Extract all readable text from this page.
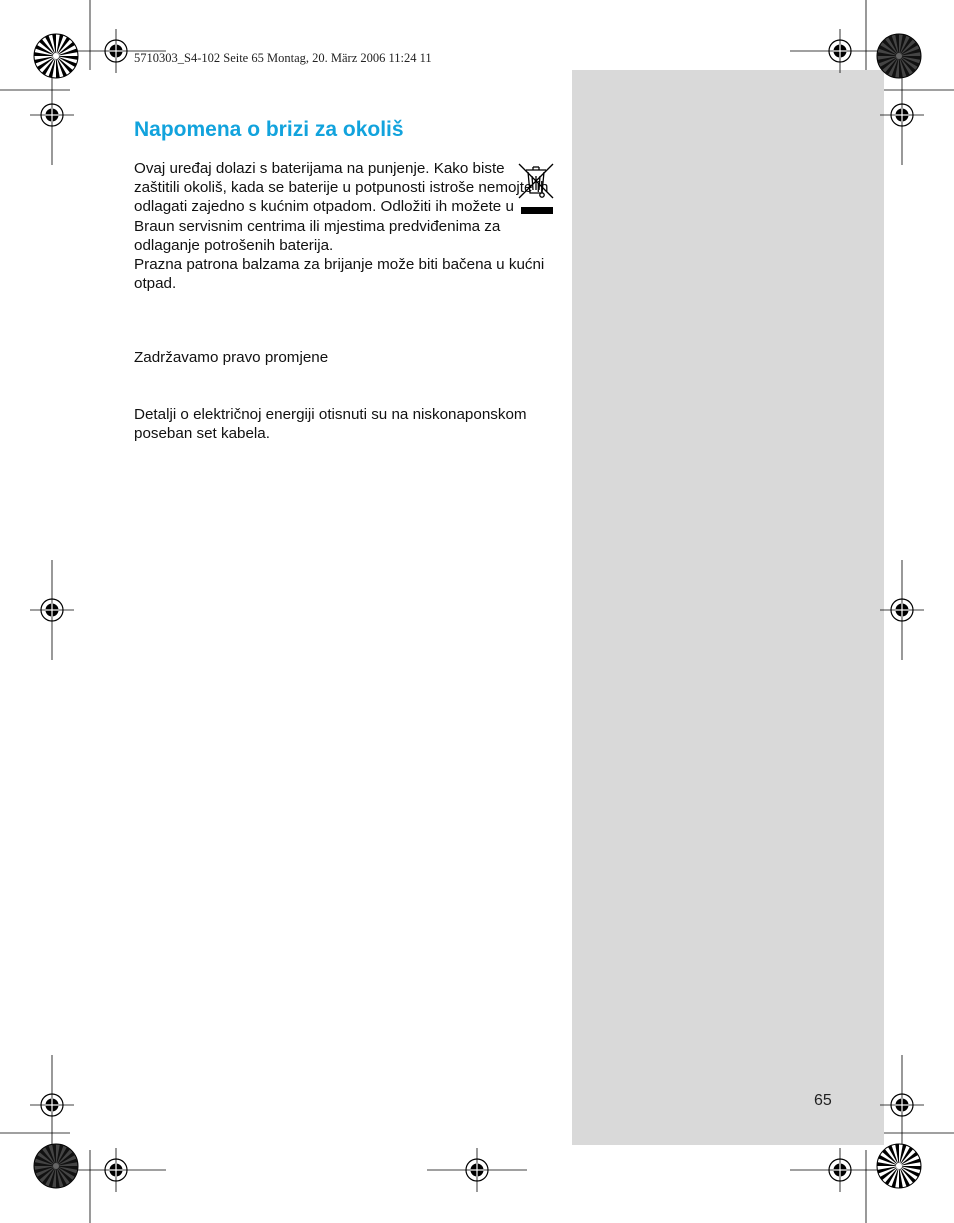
5710303_S4-102 Seite 65 Montag, 20. März 2006 11:24 11
Napomena o brizi za okoliš

Ovaj uređaj dolazi s baterijama na punjenje. Kako biste zaštitili okoliš, kada se baterije u potpunosti istroše nemojte ih odlagati zajedno s kućnim otpadom. Odložiti ih možete u Braun servisnim centrima ili mjestima predviđenima za odlaganje potrošenih baterija.

Prazna patrona balzama za brijanje može biti bačena u kućni otpad.

Zadržavamo pravo promjene

Detalji o električnoj energiji otisnuti su na niskonaponskom poseban set kabela.

65
